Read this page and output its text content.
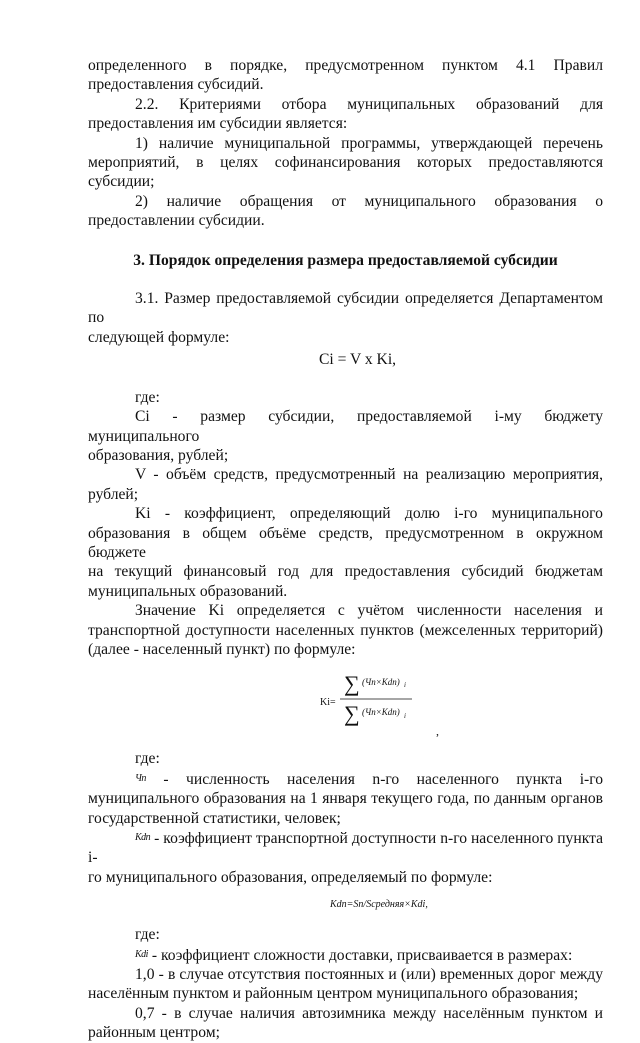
определенного в порядке, предусмотренном пунктом 4.1 Правил

предоставления субсидий.

2.2. Критериями отбора муниципальных образований для

предоставления им субсидии является:

1) наличие муниципальной программы, утверждающей перечень

мероприятий, в целях софинансирования которых предоставляются субсидии;

2) наличие обращения от муниципального образования о

предоставлении субсидии.

3. Порядок определения размера предоставляемой субсидии

3.1. Размер предоставляемой субсидии определяется Департаментом по

следующей формуле:

Ci = V x Ki,

где:

Ci - размер субсидии, предоставляемой i-му бюджету муниципального

образования, рублей;

V - объём средств, предусмотренный на реализацию мероприятия,

рублей;

Ki - коэффициент, определяющий долю i-го муниципального

образования в общем объёме средств, предусмотренном в окружном бюджете

на текущий финансовый год для предоставления субсидий бюджетам

муниципальных образований.

Значение Ki определяется с учётом численности населения и

транспортной доступности населенных пунктов (межселенных территорий)

(далее - населенный пункт) по формуле:

Ki=
∑ (Чn×Kdn) i
∑ (Чn×Kdn) i
,

где:

Чn - численность населения n-го населенного пункта i-го

муниципального образования на 1 января текущего года, по данным органов

государственной статистики, человек;

Kdn - коэффициент транспортной доступности n-го населенного пункта i-

го муниципального образования, определяемый по формуле:

Kdn=Sn/Sсредняя×Kdi,

где:

Kdi - коэффициент сложности доставки, присваивается в размерах:

1,0 - в случае отсутствия постоянных и (или) временных дорог между

населённым пунктом и районным центром муниципального образования;

0,7 - в случае наличия автозимника между населённым пунктом и

районным центром;
